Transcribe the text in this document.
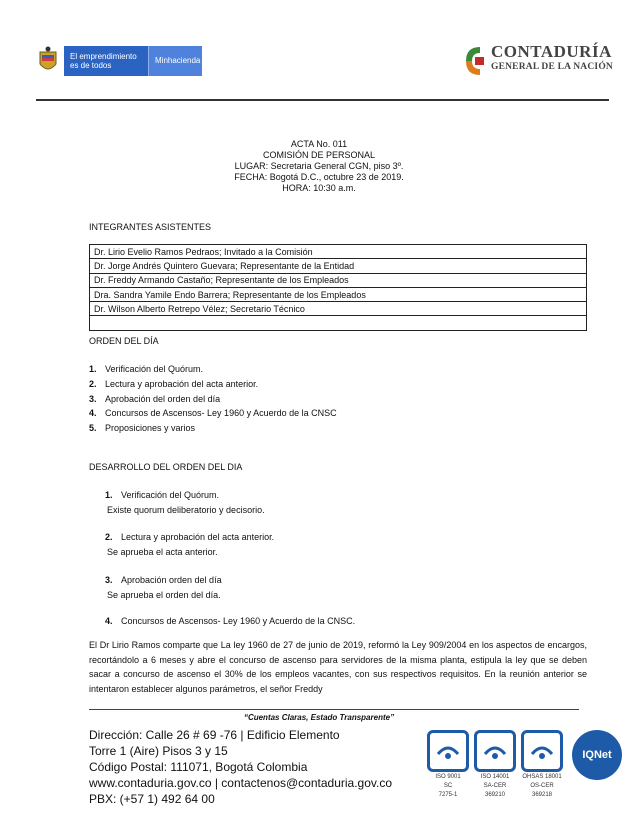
El emprendimiento
es de todos
Minhacienda	CONTADURÍA
GENERAL DE LA NACIÓN
ACTA No. 011
COMISIÓN DE PERSONAL
LUGAR: Secretaria General CGN, piso 3º.
FECHA: Bogotá D.C., octubre 23 de 2019.
HORA: 10:30 a.m.
INTEGRANTES ASISTENTES
Dr. Lirio Evelio Ramos Pedraos; Invitado a la Comisión
Dr. Jorge Andrés Quintero Guevara; Representante de la Entidad
Dr. Freddy Armando Castaño; Representante de los Empleados
Dra. Sandra Yamile Endo Barrera; Representante de los Empleados
Dr. Wilson Alberto Retrepo Vélez; Secretario Técnico

ORDEN DEL DÍA
1. Verificación del Quórum.
2. Lectura y aprobación del acta anterior.
3. Aprobación del orden del día
4. Concursos de Ascensos- Ley 1960 y Acuerdo de la CNSC
5. Proposiciones y varios
DESARROLLO DEL ORDEN DEL DIA
1. Verificación del Quórum.
Existe quorum deliberatorio y decisorio.
2. Lectura y aprobación del acta anterior.
Se aprueba el acta anterior.
3. Aprobación orden del día
Se aprueba el orden del día.
4. Concursos de Ascensos- Ley 1960 y Acuerdo de la CNSC.
El Dr Lirio Ramos comparte que La ley 1960 de 27 de junio de 2019, reformó la Ley 909/2004 en los aspectos de encargos, recortándolo a 6 meses y abre el concurso de ascenso para servidores de la misma planta, estipula la ley que se deben sacar a concurso de ascenso el 30% de los empleos vacantes, con sus respectivos requisitos. En la reunión anterior se intentaron establecer algunos parámetros, el señor Freddy
“Cuentas Claras, Estado Transparente”
Dirección: Calle 26 # 69 -76 | Edificio Elemento
Torre 1 (Aire) Pisos 3 y 15
Código Postal: 111071, Bogotá Colombia
www.contaduria.gov.co | contactenos@contaduria.gov.co
PBX: (+57 1) 492 64 00
ISO 9001
SC
7275-1
ISO 14001
SA-CER
369210
OHSAS 18001
OS-CER
369218
IQNet
